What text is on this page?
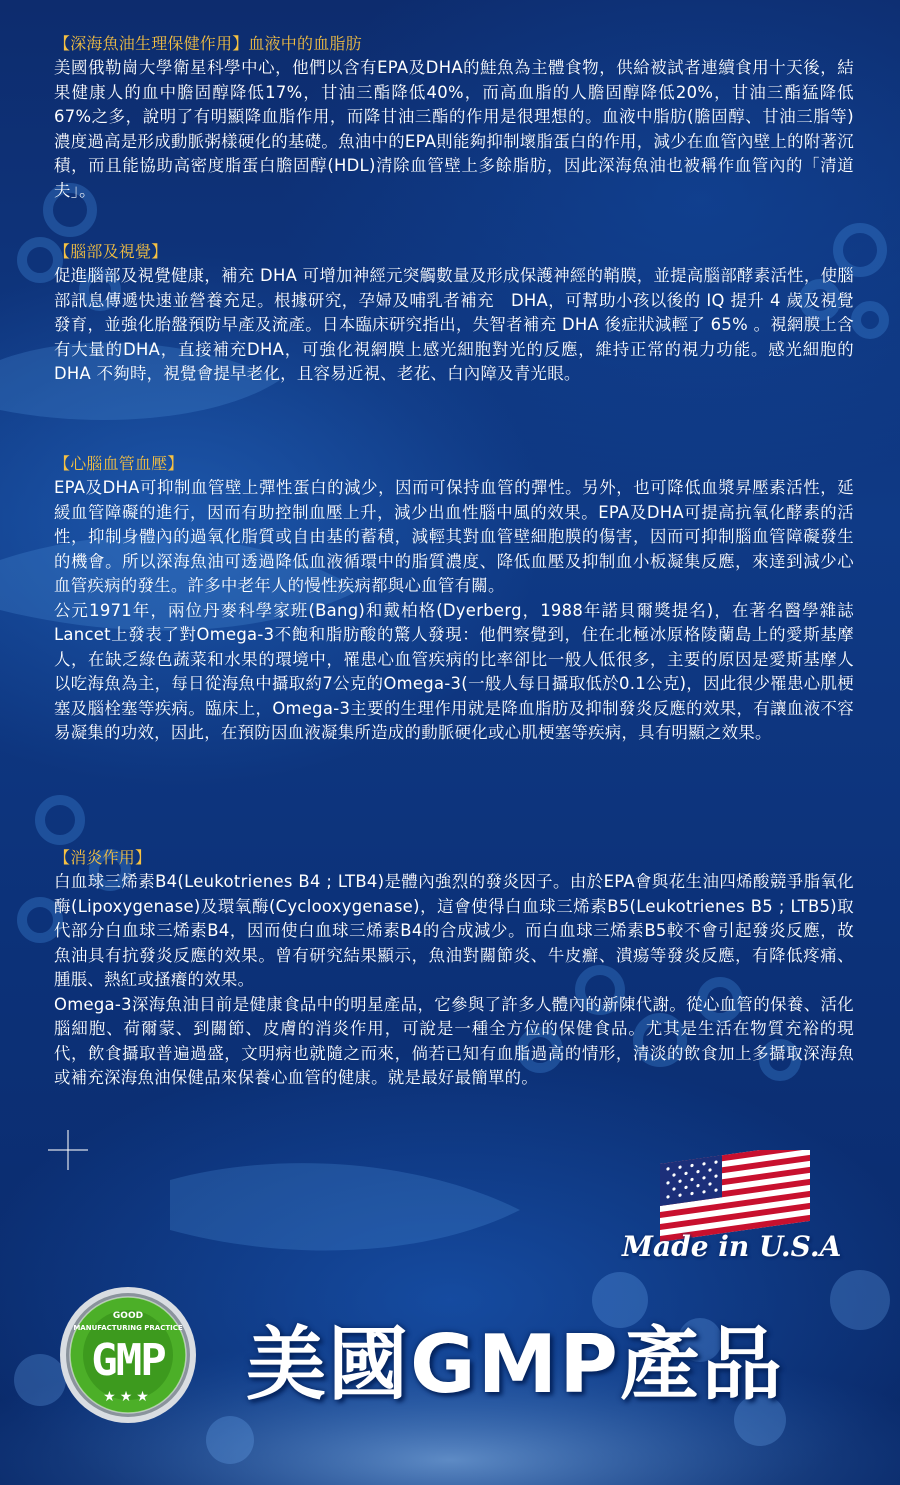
【深海魚油生理保健作用】血液中的血脂肪

美國俄勒崗大學衛星科學中心，他們以含有EPA及DHA的鮭魚為主體食物，供給被試者連續食用十天後，結果健康人的血中膽固醇降低17%，甘油三酯降低40%，而高血脂的人膽固醇降低20%，甘油三酯猛降低67%之多，說明了有明顯降血脂作用，而降甘油三酯的作用是很理想的。血液中脂肪(膽固醇、甘油三脂等)濃度過高是形成動脈粥樣硬化的基礎。魚油中的EPA則能夠抑制壞脂蛋白的作用，減少在血管內壁上的附著沉積，而且能協助高密度脂蛋白膽固醇(HDL)清除血管壁上多餘脂肪，因此深海魚油也被稱作血管內的「清道夫」。

【腦部及視覺】

促進腦部及視覺健康，補充 DHA 可增加神經元突觸數量及形成保護神經的鞘膜，並提高腦部酵素活性，使腦部訊息傳遞快速並營養充足。根據研究，孕婦及哺乳者補充　DHA，可幫助小孩以後的 IQ 提升 4 歲及視覺發育，並強化胎盤預防早產及流產。日本臨床研究指出，失智者補充 DHA 後症狀減輕了 65% 。視網膜上含有大量的DHA，直接補充DHA，可強化視網膜上感光細胞對光的反應，維持正常的視力功能。感光細胞的 DHA 不夠時，視覺會提早老化，且容易近視、老花、白內障及青光眼。

【心腦血管血壓】

EPA及DHA可抑制血管壁上彈性蛋白的減少，因而可保持血管的彈性。另外，也可降低血漿昇壓素活性，延緩血管障礙的進行，因而有助控制血壓上升，減少出血性腦中風的效果。EPA及DHA可提高抗氧化酵素的活性，抑制身體內的過氧化脂質或自由基的蓄積，減輕其對血管壁細胞膜的傷害，因而可抑制腦血管障礙發生的機會。所以深海魚油可透過降低血液循環中的脂質濃度、降低血壓及抑制血小板凝集反應，來達到減少心血管疾病的發生。許多中老年人的慢性疾病都與心血管有關。

公元1971年，兩位丹麥科學家班(Bang)和戴柏格(Dyerberg，1988年諾貝爾獎提名)，在著名醫學雜誌Lancet上發表了對Omega-3不飽和脂肪酸的驚人發現：他們察覺到，住在北極冰原格陵蘭島上的愛斯基摩人，在缺乏綠色蔬菜和水果的環境中，罹患心血管疾病的比率卻比一般人低很多，主要的原因是愛斯基摩人以吃海魚為主，每日從海魚中攝取約7公克的Omega-3(一般人每日攝取低於0.1公克)，因此很少罹患心肌梗塞及腦栓塞等疾病。臨床上，Omega-3主要的生理作用就是降血脂肪及抑制發炎反應的效果，有讓血液不容易凝集的功效，因此，在預防因血液凝集所造成的動脈硬化或心肌梗塞等疾病，具有明顯之效果。

【消炎作用】

白血球三烯素B4(Leukotrienes B4 ; LTB4)是體內強烈的發炎因子。由於EPA會與花生油四烯酸競爭脂氧化酶(Lipoxygenase)及環氧酶(Cyclooxygenase)，這會使得白血球三烯素B5(Leukotrienes B5 ; LTB5)取代部分白血球三烯素B4，因而使白血球三烯素B4的合成減少。而白血球三烯素B5較不會引起發炎反應，故魚油具有抗發炎反應的效果。曾有研究結果顯示，魚油對關節炎、牛皮癬、潰瘍等發炎反應，有降低疼痛、腫脹、熱紅或搔癢的效果。

Omega-3深海魚油目前是健康食品中的明星產品，它參與了許多人體內的新陳代謝。從心血管的保養、活化腦細胞、荷爾蒙、到關節、皮膚的消炎作用，可說是一種全方位的保健食品。尤其是生活在物質充裕的現代，飲食攝取普遍過盛，文明病也就隨之而來，倘若已知有血脂過高的情形，清淡的飲食加上多攝取深海魚或補充深海魚油保健品來保養心血管的健康。就是最好最簡單的。

Made in U.S.A
GOOD
MANUFACTURING PRACTICE
GMP
★★★	美國GMP產品
